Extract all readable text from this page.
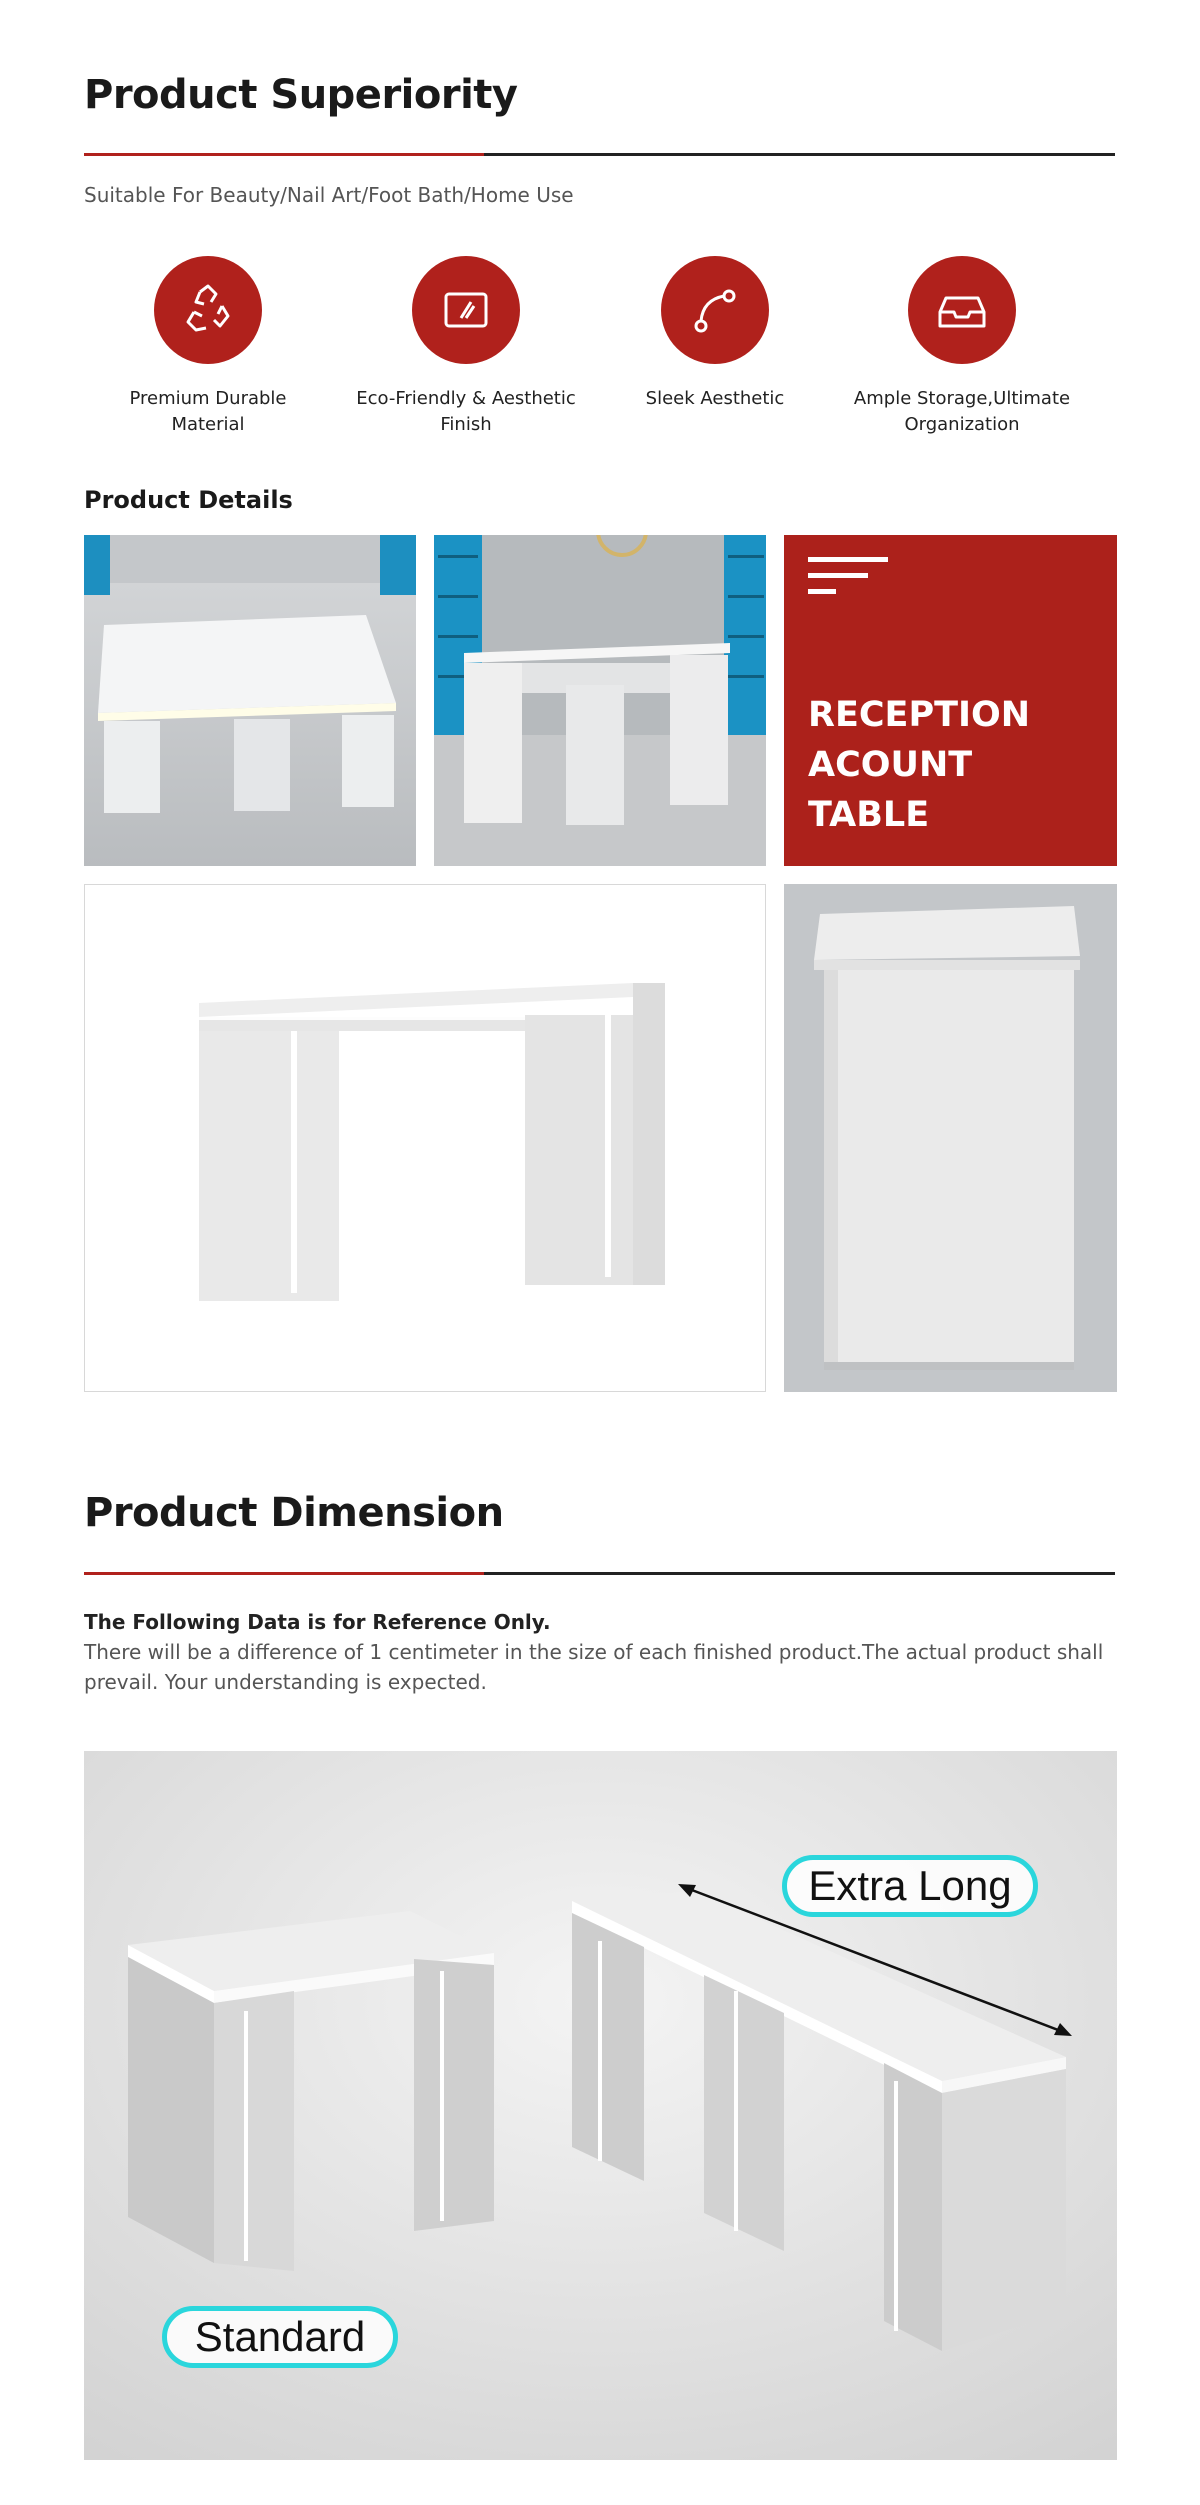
Product Superiority
Suitable For Beauty/Nail Art/Foot Bath/Home Use
Premium Durable
Material
Eco-Friendly & Aesthetic
Finish
Sleek Aesthetic	Ample Storage,Ultimate
Organization
Product Details
RECEPTION
ACOUNT
TABLE
Product Dimension
The Following Data is for Reference Only.
There will be a difference of 1 centimeter in the size of each finished product.The actual product shall prevail. Your understanding is expected.
Extra Long
Standard
